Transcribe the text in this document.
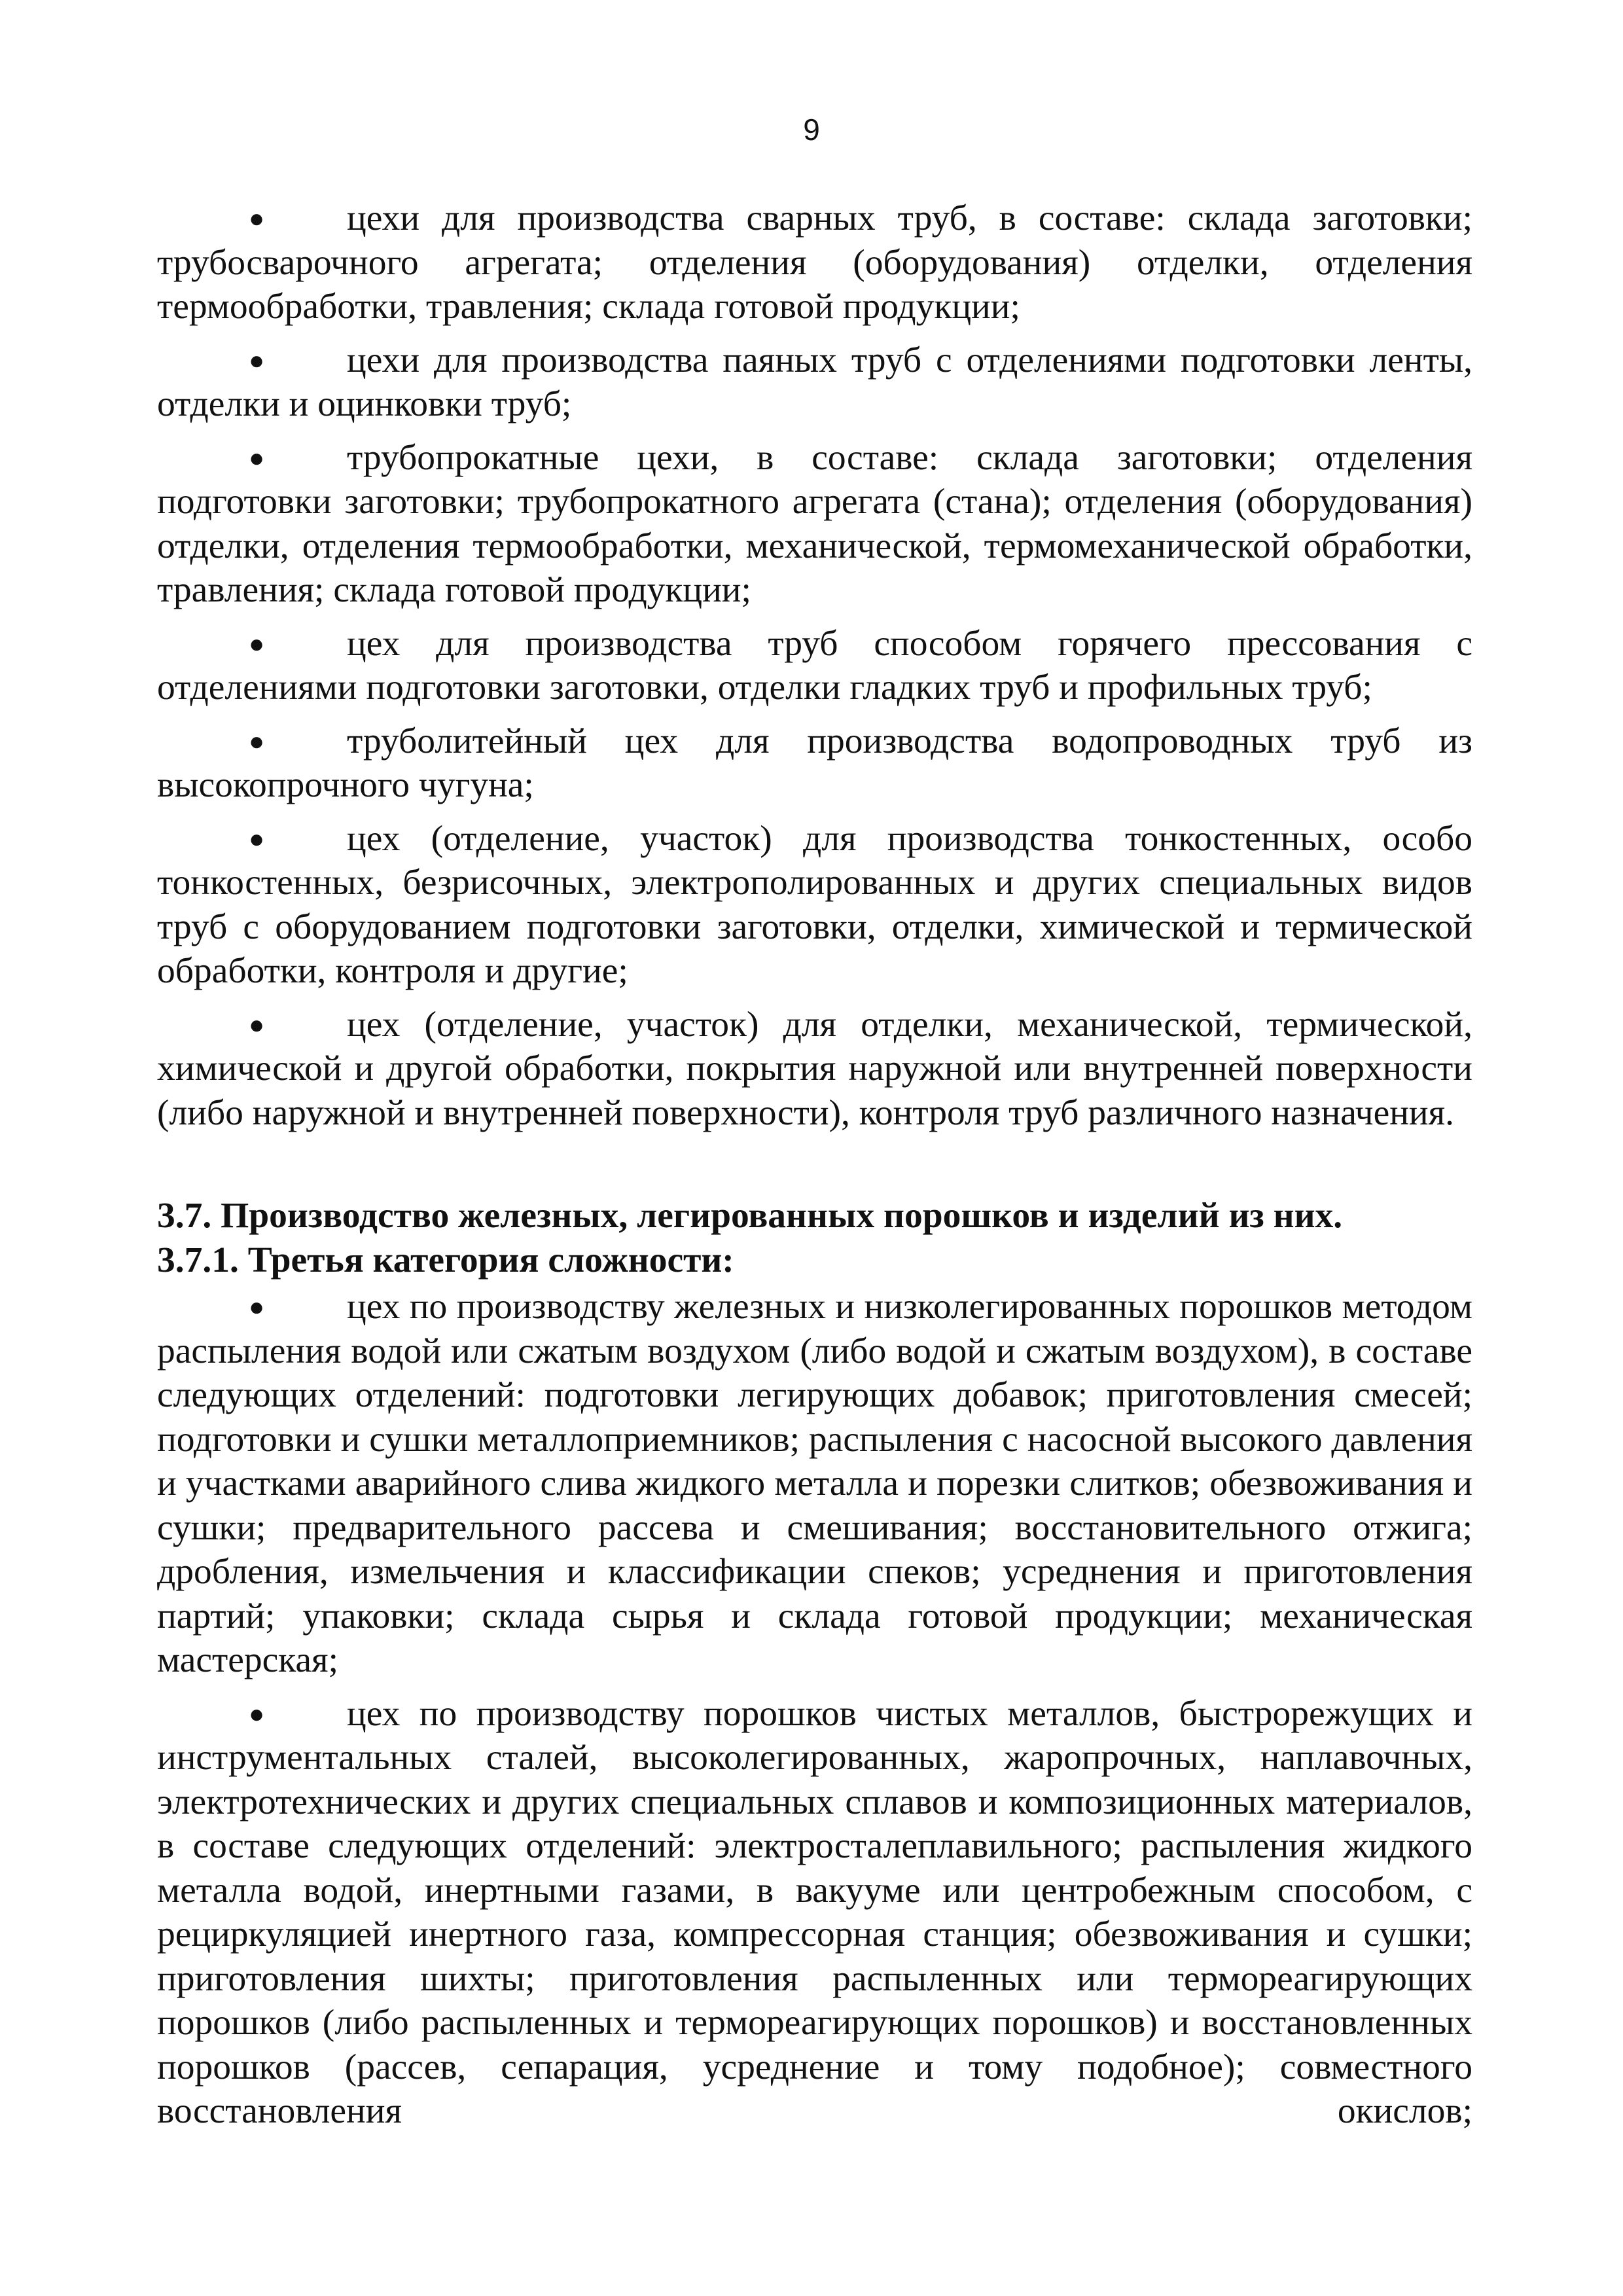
9

● цехи для производства сварных труб, в составе: склада заготовки; трубосварочного агрегата; отделения (оборудования) отделки, отделения термообработки, травления; склада готовой продукции;

● цехи для производства паяных труб с отделениями подготовки ленты, отделки и оцинковки труб;

● трубопрокатные цехи, в составе: склада заготовки; отделения подготовки заготовки; трубопрокатного агрегата (стана); отделения (оборудования) отделки, отделения термообработки, механической, термомеханической обработки, травления; склада готовой продукции;

● цех для производства труб способом горячего прессования с отделениями подготовки заготовки, отделки гладких труб и профильных труб;

● труболитейный цех для производства водопроводных труб из высокопрочного чугуна;

● цех (отделение, участок) для производства тонкостенных, особо тонкостенных, безрисочных, электрополированных и других специальных видов труб с оборудованием подготовки заготовки, отделки, химической и термической обработки, контроля и другие;

● цех (отделение, участок) для отделки, механической, термической, химической и другой обработки, покрытия наружной или внутренней поверхности (либо наружной и внутренней поверхности), контроля труб различного назначения.

3.7. Производство железных, легированных порошков и изделий из них.

3.7.1. Третья категория сложности:

● цех по производству железных и низколегированных порошков методом распыления водой или сжатым воздухом (либо водой и сжатым воздухом), в составе следующих отделений: подготовки легирующих добавок; приготовления смесей; подготовки и сушки металлоприемников; распыления с насосной высокого давления и участками аварийного слива жидкого металла и порезки слитков; обезвоживания и сушки; предварительного рассева и смешивания; восстановительного отжига; дробления, измельчения и классификации спеков; усреднения и приготовления партий; упаковки; склада сырья и склада готовой продукции; механическая мастерская;

● цех по производству порошков чистых металлов, быстрорежущих и инструментальных сталей, высоколегированных, жаропрочных, наплавочных, электротехнических и других специальных сплавов и композиционных материалов, в составе следующих отделений: электросталеплавильного; распыления жидкого металла водой, инертными газами, в вакууме или центробежным способом, с рециркуляцией инертного газа, компрессорная станция; обезвоживания и сушки; приготовления шихты; приготовления распыленных или термореагирующих порошков (либо распыленных и термореагирующих порошков) и восстановленных порошков (рассев, сепарация, усреднение и тому подобное); совместного восстановления окислов;
